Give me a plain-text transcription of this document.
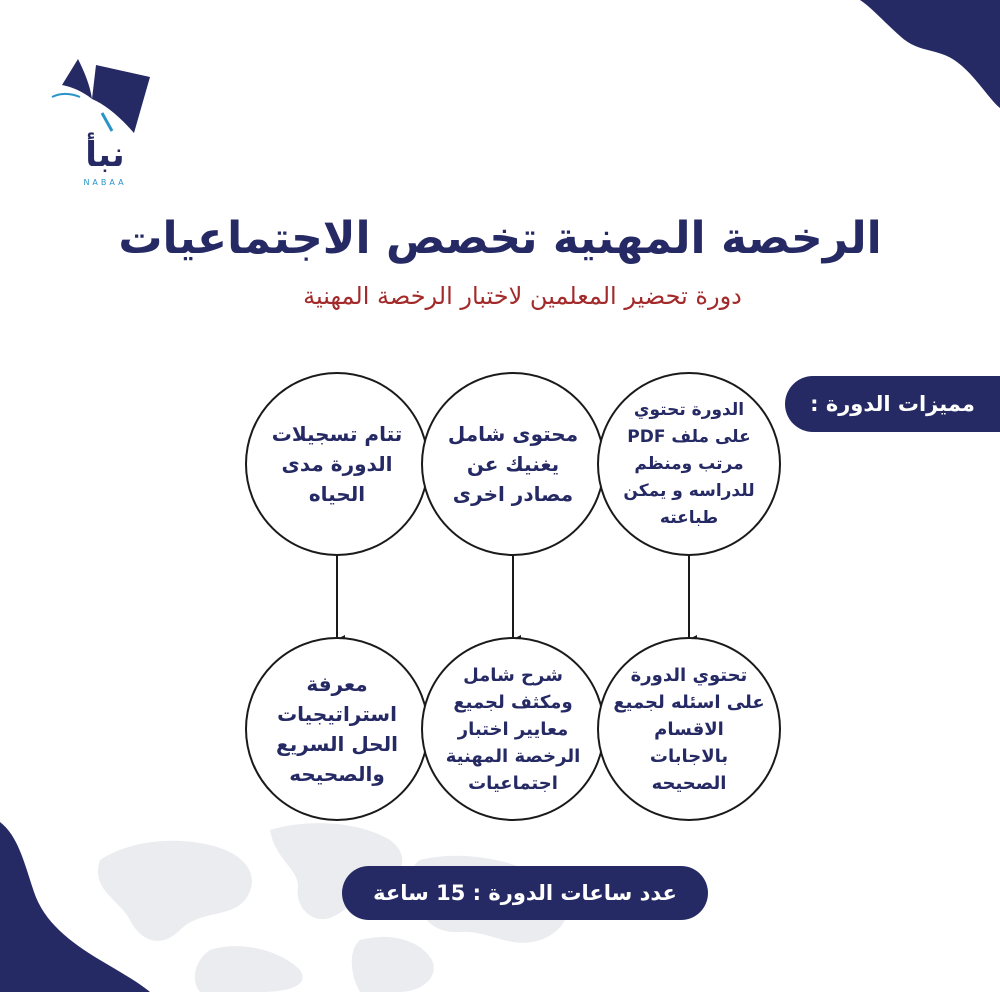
نبأ
NABAA
الرخصة المهنية تخصص الاجتماعيات
دورة تحضير المعلمين لاختبار الرخصة المهنية
مميزات الدورة :
تتام تسجيلات الدورة مدى الحياه
محتوى شامل يغنيك عن مصادر اخرى
الدورة تحتوي على ملف PDF مرتب ومنظم للدراسه و يمكن طباعته
معرفة استراتيجيات الحل السريع والصحيحه
شرح شامل ومكثف لجميع معايير اختبار الرخصة المهنية اجتماعيات
تحتوي الدورة على اسئله لجميع الاقسام بالاجابات الصحيحه
عدد ساعات الدورة : 15 ساعة
